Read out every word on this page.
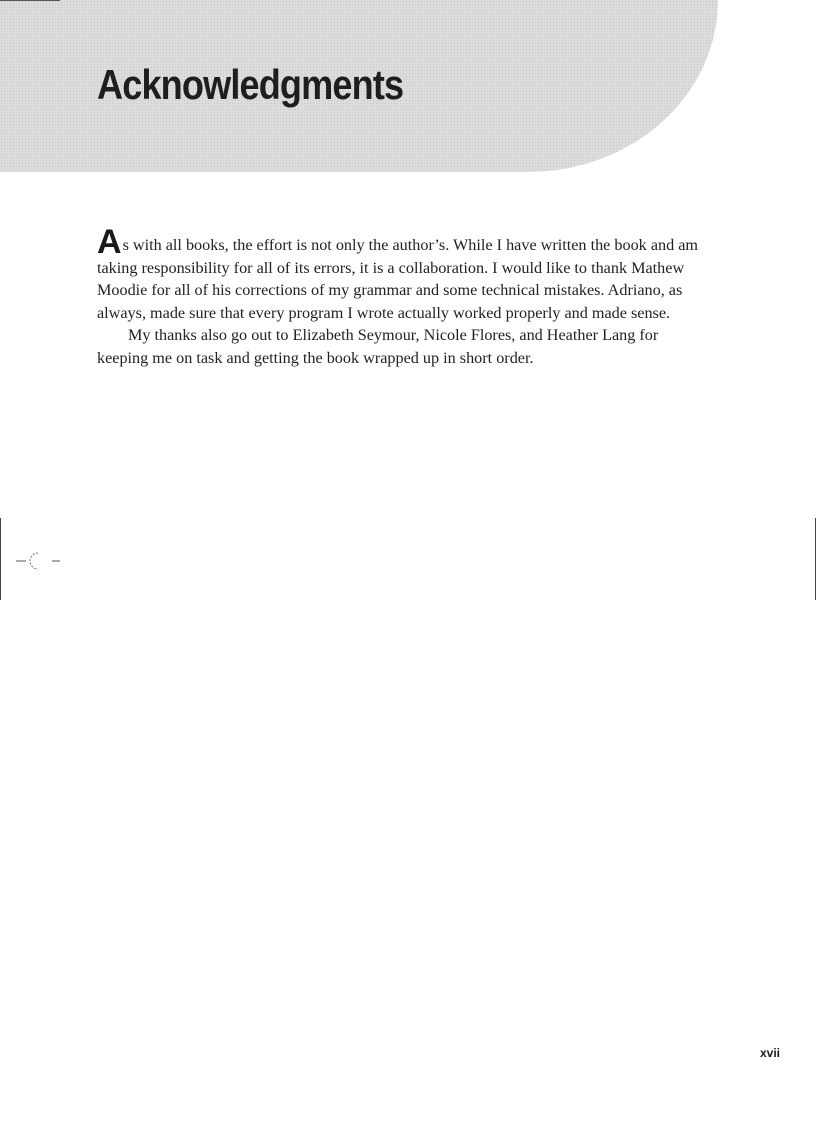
Acknowledgments

As with all books, the effort is not only the author’s. While I have written the book and am taking responsibility for all of its errors, it is a collaboration. I would like to thank Mathew Moodie for all of his corrections of my grammar and some technical mistakes. Adriano, as always, made sure that every program I wrote actually worked properly and made sense.

My thanks also go out to Elizabeth Seymour, Nicole Flores, and Heather Lang for keeping me on task and getting the book wrapped up in short order.

xvii
